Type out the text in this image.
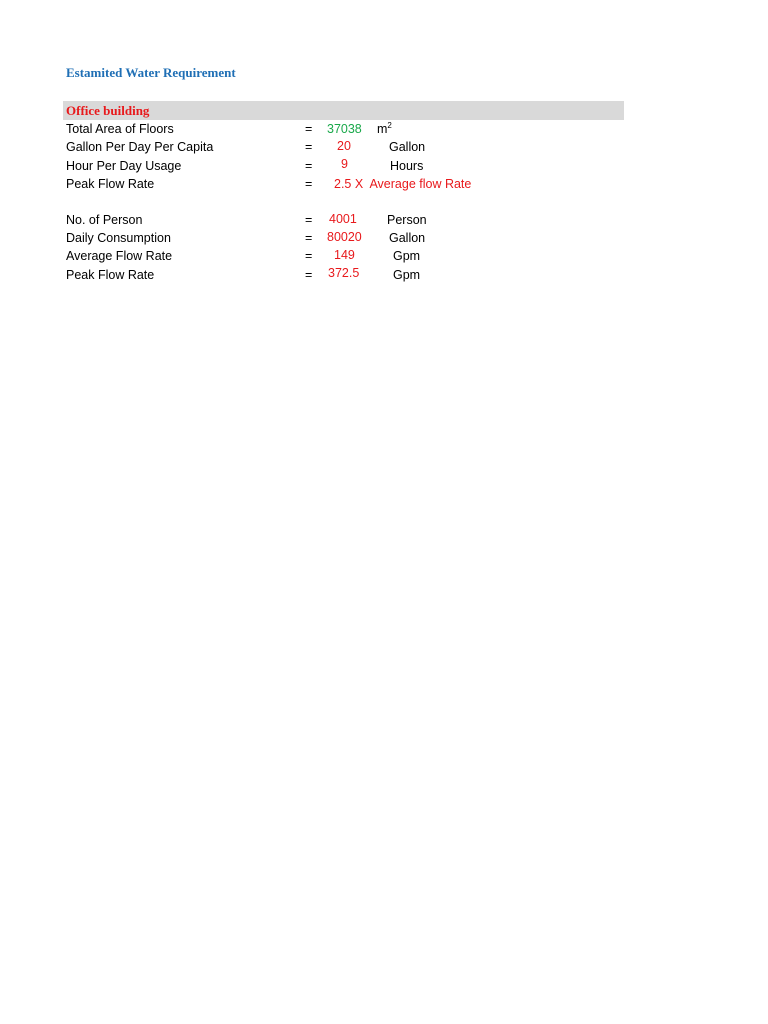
Estamited Water Requirement
Office building
Total Area of Floors	= 37038 $m^2$
Gallon Per Day Per Capita	= 20	Gallon
Hour Per Day Usage	= 9	Hours
Peak Flow Rate	= 2.5 X  Average flow Rate
No. of Person	= 4001 Person
Daily Consumption	= 80020 Gallon
Average Flow Rate	= 149	Gpm
Peak Flow Rate	= 372.5	Gpm
